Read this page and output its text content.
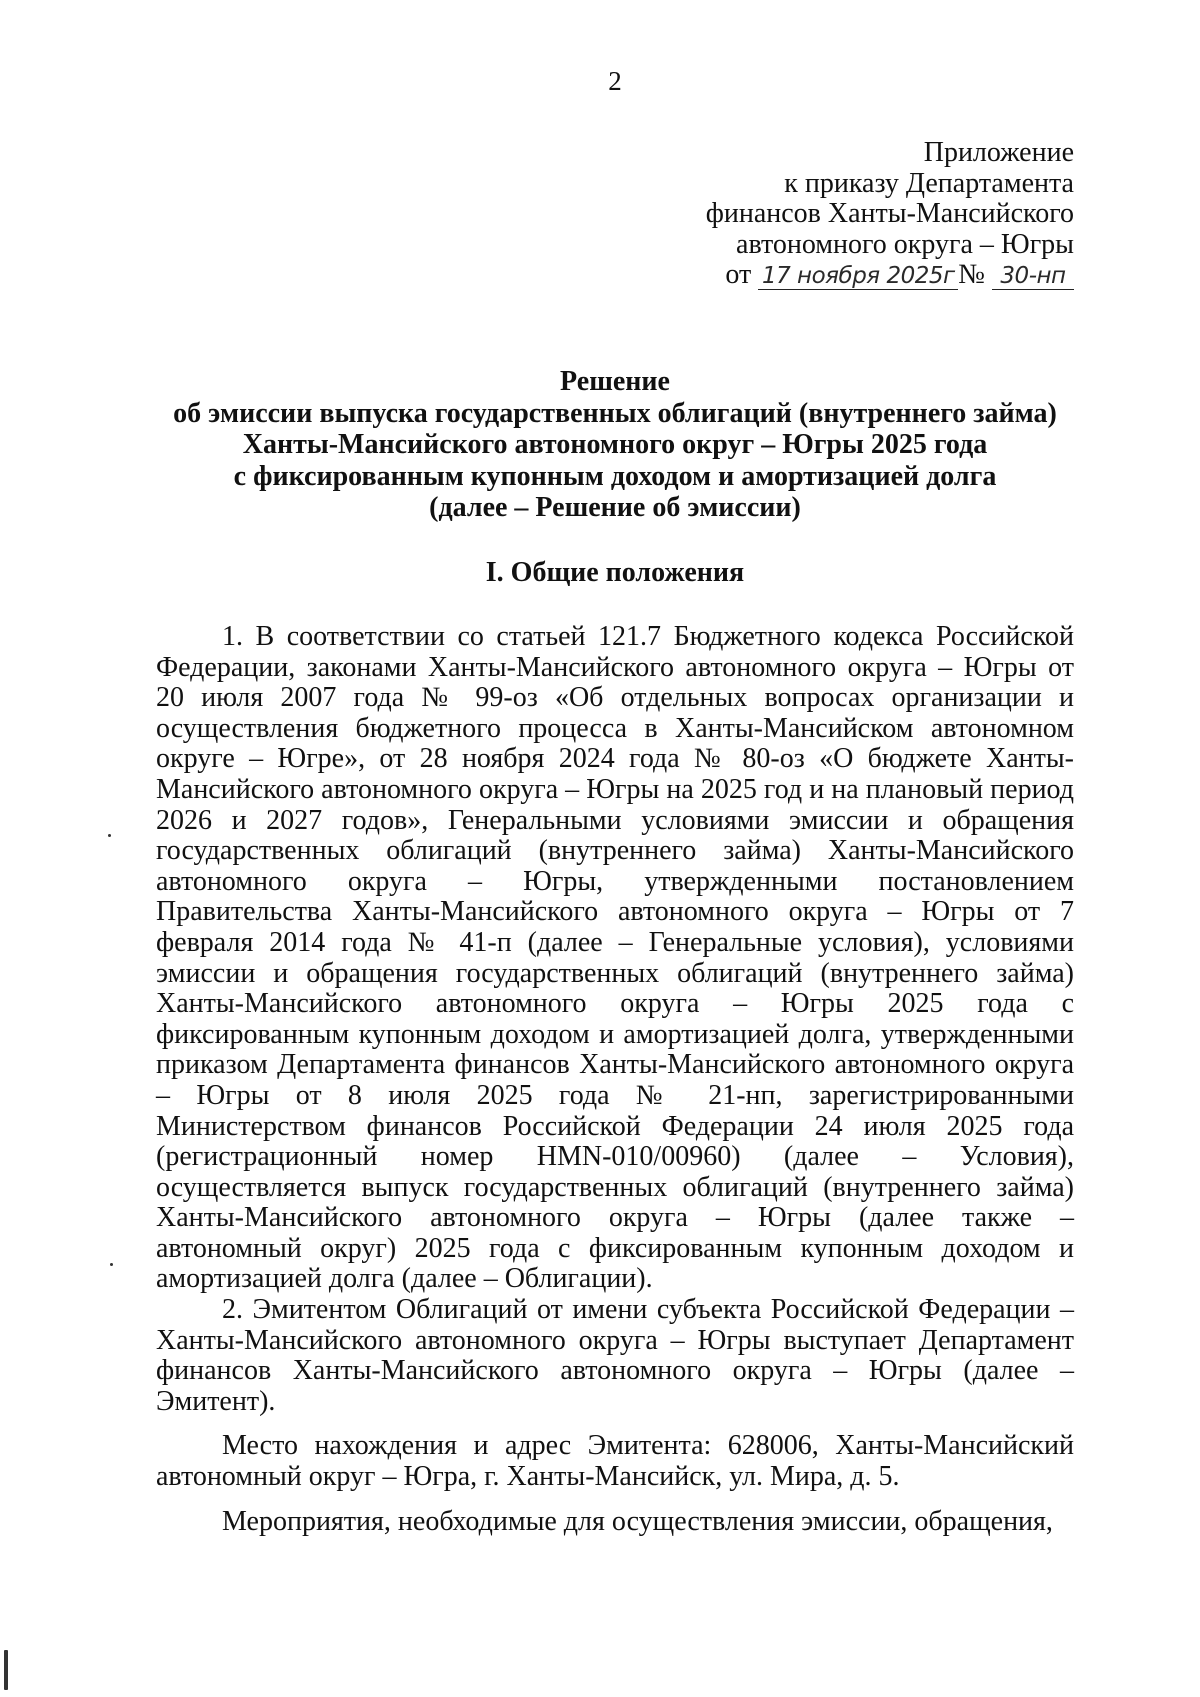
2
Приложение
к приказу Департамента
финансов Ханты-Мансийского
автономного округа – Югры
от 17 ноября 2025г № 30-нп
Решение
об эмиссии выпуска государственных облигаций (внутреннего займа)
Ханты-Мансийского автономного округ – Югры 2025 года
с фиксированным купонным доходом и амортизацией долга
(далее – Решение об эмиссии)
I. Общие положения

1. В соответствии со статьей 121.7 Бюджетного кодекса Российской Федерации, законами Ханты-Мансийского автономного округа – Югры от 20 июля 2007 года № 99-оз «Об отдельных вопросах организации и осуществления бюджетного процесса в Ханты-Мансийском автономном округе – Югре», от 28 ноября 2024 года № 80-оз «О бюджете Ханты-Мансийского автономного округа – Югры на 2025 год и на плановый период 2026 и 2027 годов», Генеральными условиями эмиссии и обращения государственных облигаций (внутреннего займа) Ханты-Мансийского автономного округа – Югры, утвержденными постановлением Правительства Ханты-Мансийского автономного округа – Югры от 7 февраля 2014 года № 41-п (далее – Генеральные условия), условиями эмиссии и обращения государственных облигаций (внутреннего займа) Ханты-Мансийского автономного округа – Югры 2025 года с фиксированным купонным доходом и амортизацией долга, утвержденными приказом Департамента финансов Ханты-Мансийского автономного округа – Югры от 8 июля 2025 года № 21-нп, зарегистрированными Министерством финансов Российской Федерации 24 июля 2025 года (регистрационный номер HMN-010/00960) (далее – Условия), осуществляется выпуск государственных облигаций (внутреннего займа) Ханты-Мансийского автономного округа – Югры (далее также – автономный округ) 2025 года с фиксированным купонным доходом и амортизацией долга (далее – Облигации).

2. Эмитентом Облигаций от имени субъекта Российской Федерации – Ханты-Мансийского автономного округа – Югры выступает Департамент финансов Ханты-Мансийского автономного округа – Югры (далее – Эмитент).

Место нахождения и адрес Эмитента: 628006, Ханты-Мансийский автономный округ – Югра, г. Ханты-Мансийск, ул. Мира, д. 5.

Мероприятия, необходимые для осуществления эмиссии, обращения,
